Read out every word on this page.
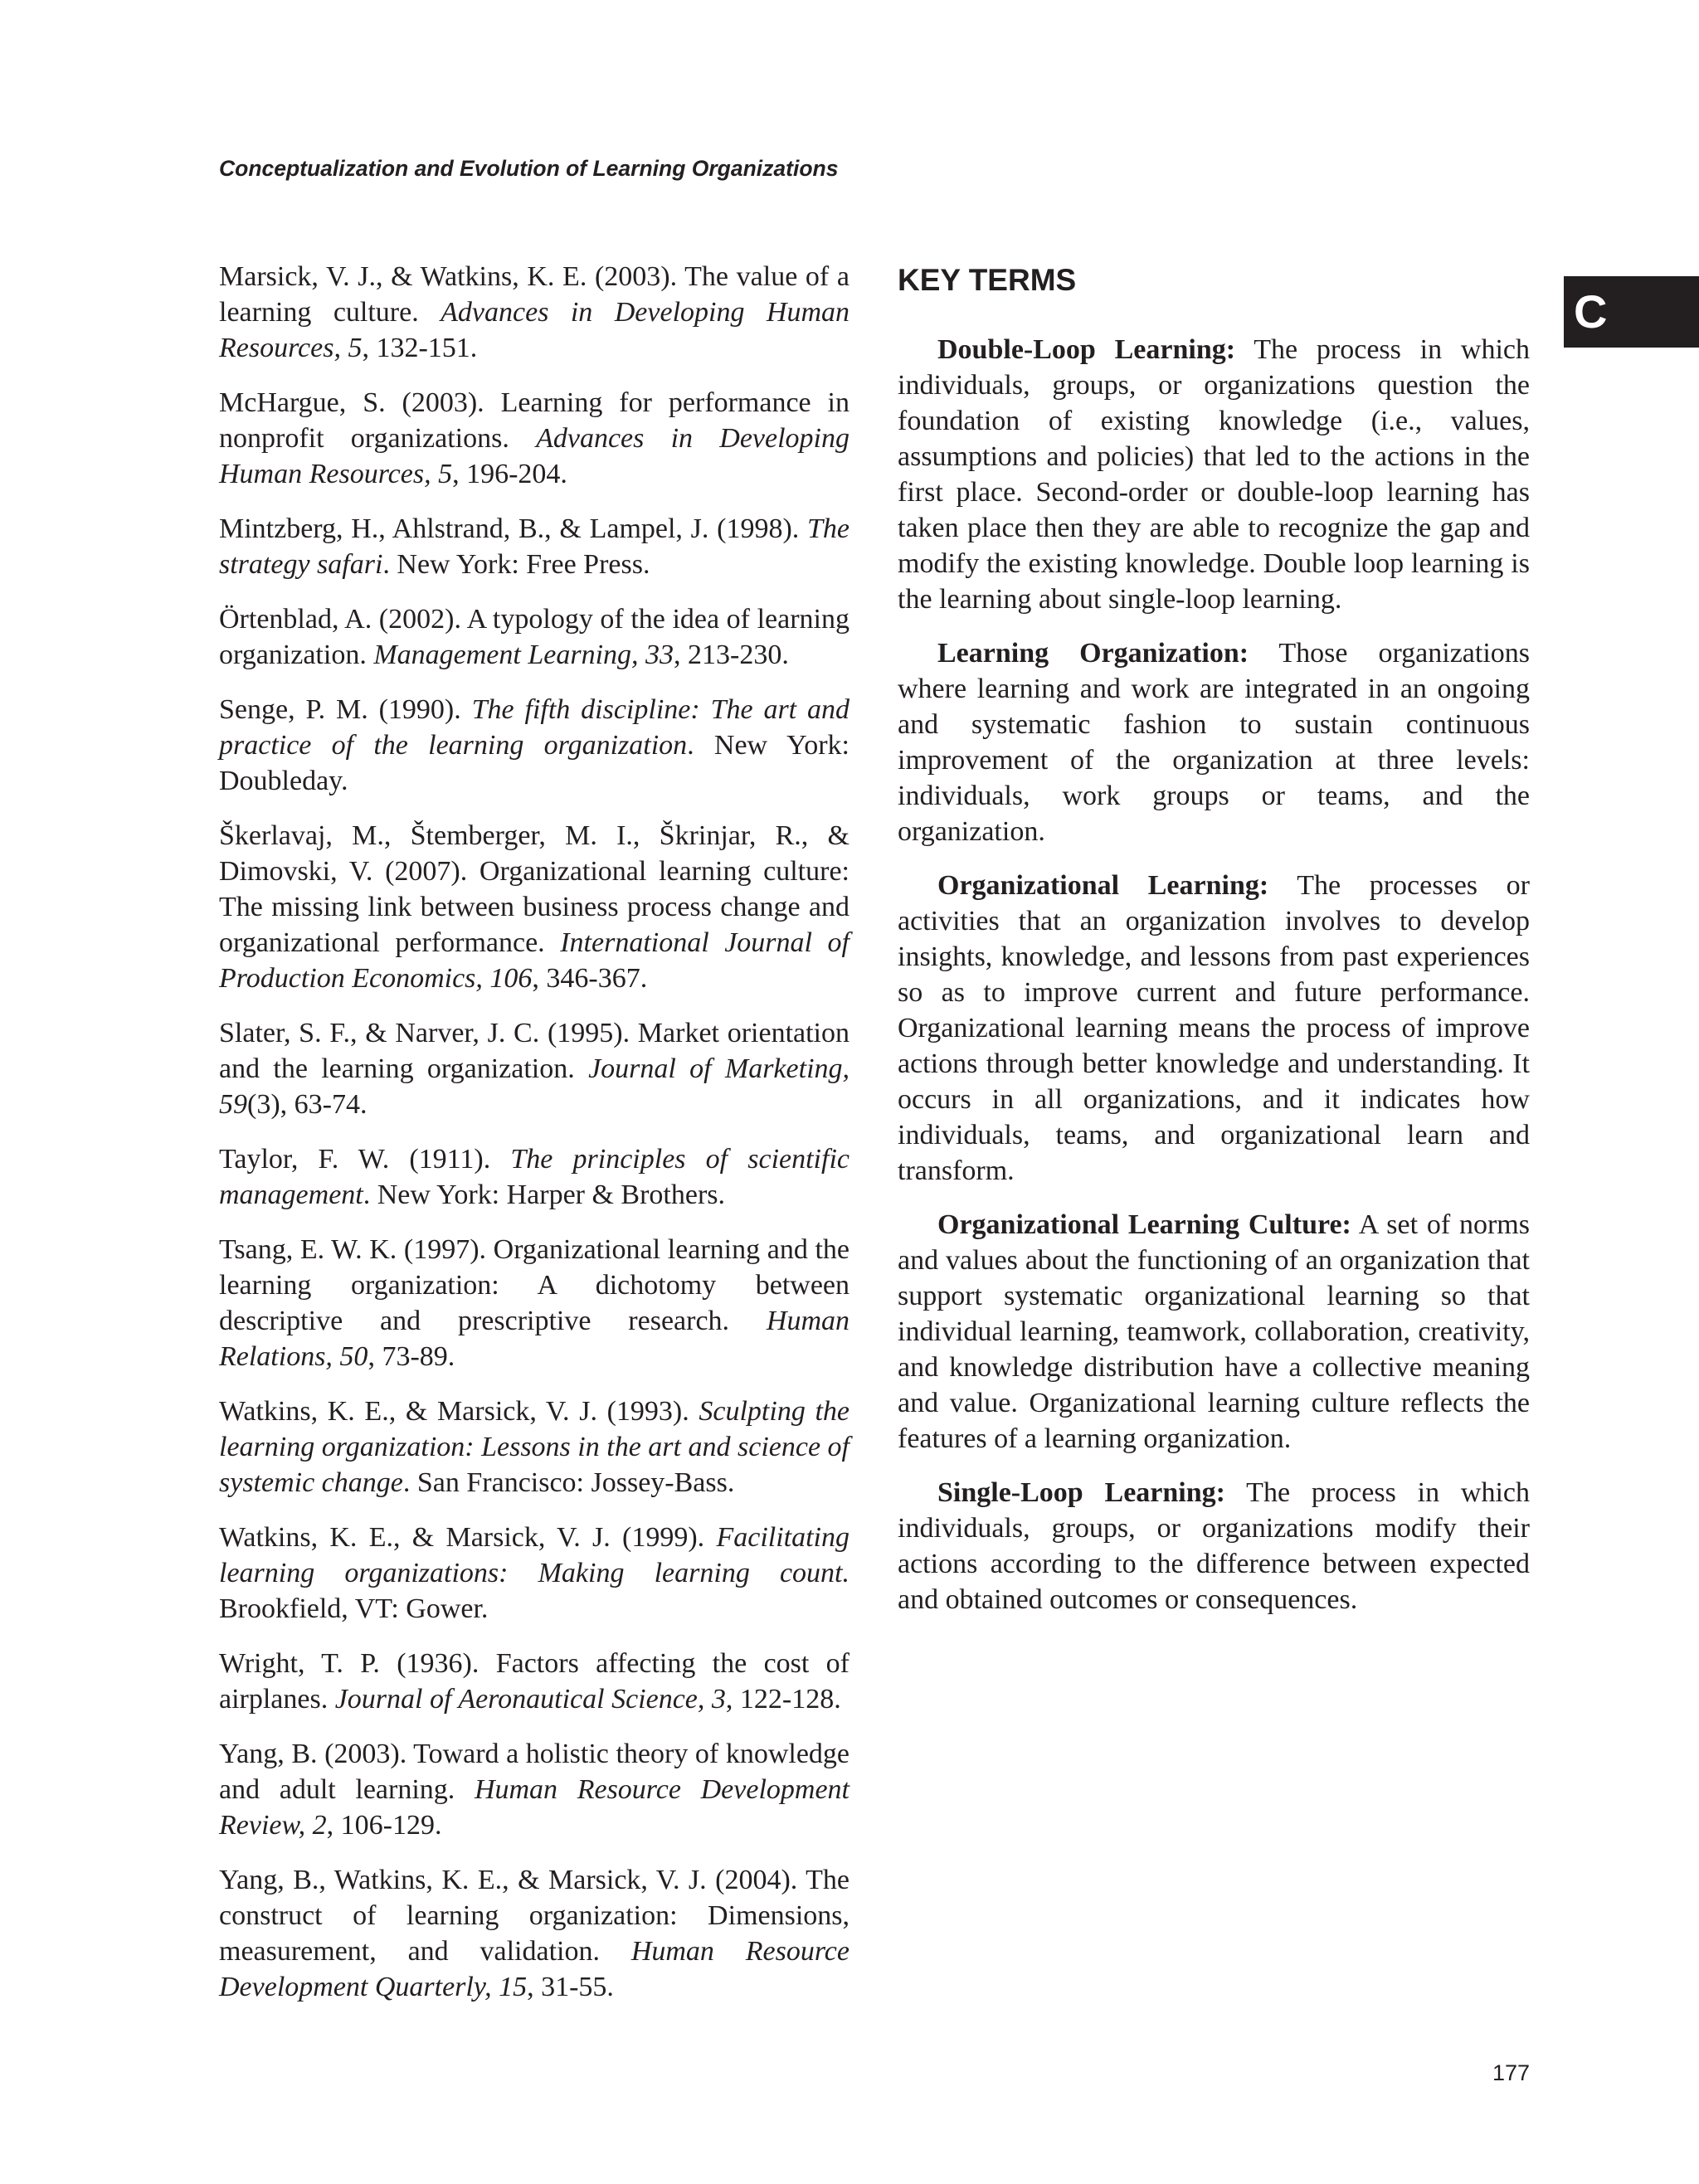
Conceptualization and Evolution of Learning Organizations
C

Marsick, V. J., & Watkins, K. E. (2003). The value of a learning culture. Advances in Developing Human Resources, 5, 132-151.

McHargue, S. (2003). Learning for performance in nonprofit organizations. Advances in Developing Human Resources, 5, 196-204.

Mintzberg, H., Ahlstrand, B., & Lampel, J. (1998). The strategy safari. New York: Free Press.

Örtenblad, A. (2002). A typology of the idea of learning organization. Management Learning, 33, 213-230.

Senge, P. M. (1990). The fifth discipline: The art and practice of the learning organization. New York: Doubleday.

Škerlavaj, M., Štemberger, M. I., Škrinjar, R., & Dimovski, V. (2007). Organizational learning culture: The missing link between business process change and organizational performance. International Journal of Production Economics, 106, 346-367.

Slater, S. F., & Narver, J. C. (1995). Market orientation and the learning organization. Journal of Marketing, 59(3), 63-74.

Taylor, F. W. (1911). The principles of scientific management. New York: Harper & Brothers.

Tsang, E. W. K. (1997). Organizational learning and the learning organization: A dichotomy between descriptive and prescriptive research. Human Relations, 50, 73-89.

Watkins, K. E., & Marsick, V. J. (1993). Sculpting the learning organization: Lessons in the art and science of systemic change. San Francisco: Jossey-Bass.

Watkins, K. E., & Marsick, V. J. (1999). Facilitating learning organizations: Making learning count. Brookfield, VT: Gower.

Wright, T. P. (1936). Factors affecting the cost of airplanes. Journal of Aeronautical Science, 3, 122-128.

Yang, B. (2003). Toward a holistic theory of knowledge and adult learning. Human Resource Development Review, 2, 106-129.

Yang, B., Watkins, K. E., & Marsick, V. J. (2004). The construct of learning organization: Dimensions, measurement, and validation. Human Resource Development Quarterly, 15, 31-55.

KEY TERMS

Double-Loop Learning: The process in which individuals, groups, or organizations question the foundation of existing knowledge (i.e., values, assumptions and policies) that led to the actions in the first place. Second-order or double-loop learning has taken place then they are able to recognize the gap and modify the existing knowledge. Double loop learning is the learning about single-loop learning.

Learning Organization: Those organizations where learning and work are integrated in an ongoing and systematic fashion to sustain continuous improvement of the organization at three levels: individuals, work groups or teams, and the organization.

Organizational Learning: The processes or activities that an organization involves to develop insights, knowledge, and lessons from past experiences so as to improve current and future performance. Organizational learning means the process of improve actions through better knowledge and understanding. It occurs in all organizations, and it indicates how individuals, teams, and organizational learn and transform.

Organizational Learning Culture: A set of norms and values about the functioning of an organization that support systematic organizational learning so that individual learning, teamwork, collaboration, creativity, and knowledge distribution have a collective meaning and value. Organizational learning culture reflects the features of a learning organization.

Single-Loop Learning: The process in which individuals, groups, or organizations modify their actions according to the difference between expected and obtained outcomes or consequences.

177
